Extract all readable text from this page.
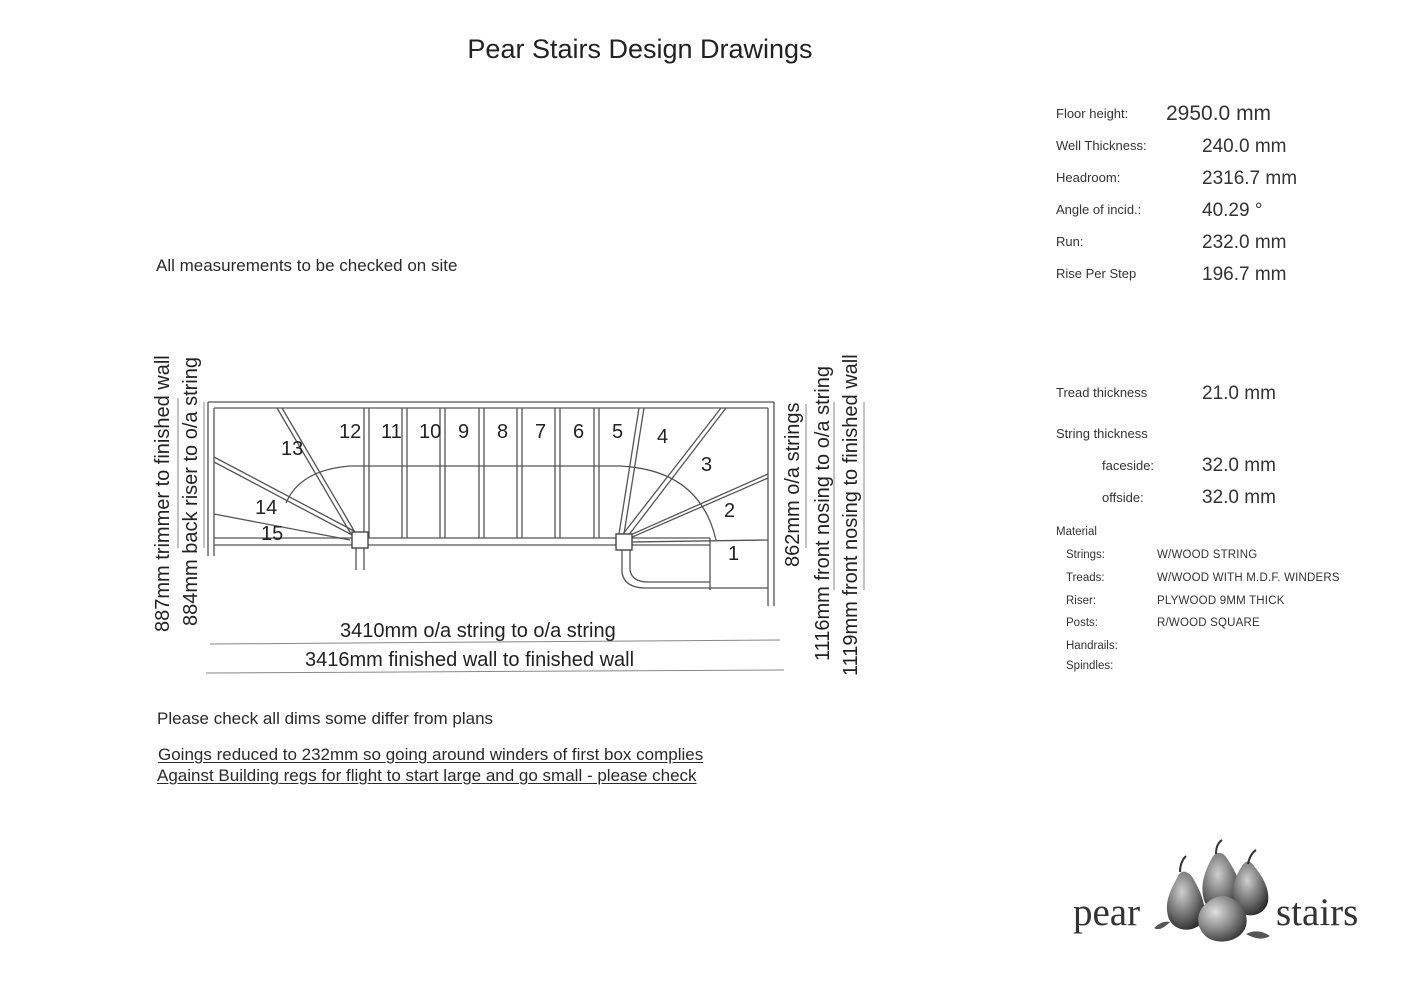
Pear Stairs Design Drawings
Floor height: 2950.0 mm
Well Thickness:	240.0 mm
Headroom:	2316.7 mm
Angle of incid.:	40.29 °
Run:	232.0 mm
Rise Per Step	196.7 mm
Tread thickness	21.0 mm
String thickness
faceside:	32.0 mm
offside:	32.0 mm
Material
Strings:	W/WOOD STRING
Treads:	W/WOOD WITH M.D.F. WINDERS
Riser:	PLYWOOD 9MM THICK
Posts:	R/WOOD SQUARE
Handrails:
Spindles:
All measurements to be checked on site
1
2
3
4
5
6
7
8
9
10
11
12
13
14
15
887mm trimmer to finished wall 884mm back riser to o/a string	862mm o/a strings 1116mm front nosing to o/a string 1119mm front nosing to finished wall
3410mm o/a string to o/a string
3416mm finished wall to finished wall
Please check all dims some differ from plans
Goings reduced to 232mm so going around winders of first box complies
Against Building regs for flight to start large and go small - please check
pear	stairs
